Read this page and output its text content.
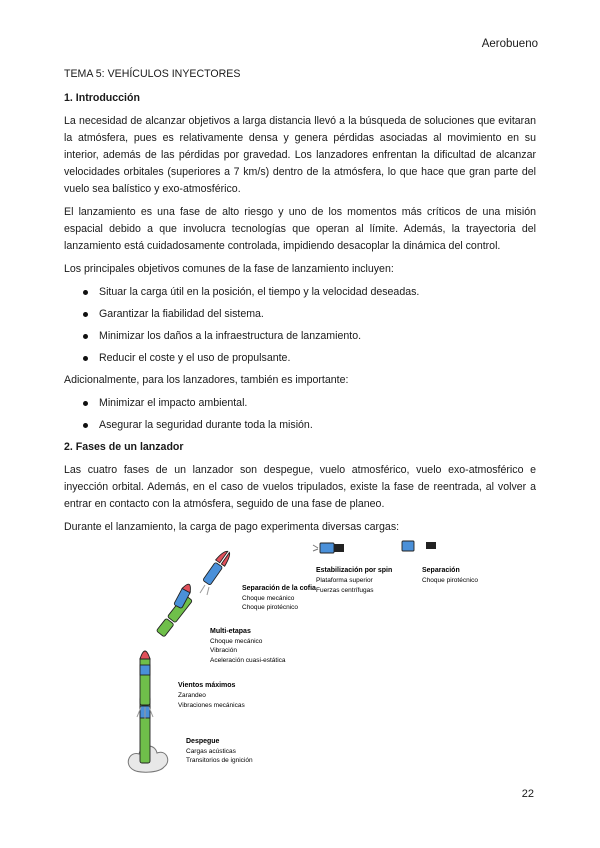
Aerobueno

TEMA 5: VEHÍCULOS INYECTORES

1. Introducción

La necesidad de alcanzar objetivos a larga distancia llevó a la búsqueda de soluciones que evitaran la atmósfera, pues es relativamente densa y genera pérdidas asociadas al movimiento en su interior, además de las pérdidas por gravedad. Los lanzadores enfrentan la dificultad de alcanzar velocidades orbitales (superiores a 7 km/s) dentro de la atmósfera, lo que hace que gran parte del vuelo sea balístico y exo-atmosférico.

El lanzamiento es una fase de alto riesgo y uno de los momentos más críticos de una misión espacial debido a que involucra tecnologías que operan al límite. Además, la trayectoria del lanzamiento está cuidadosamente controlada, impidiendo desacoplar la dinámica del control.

Los principales objetivos comunes de la fase de lanzamiento incluyen:

Situar la carga útil en la posición, el tiempo y la velocidad deseadas.
Garantizar la fiabilidad del sistema.
Minimizar los daños a la infraestructura de lanzamiento.
Reducir el coste y el uso de propulsante.

Adicionalmente, para los lanzadores, también es importante:

Minimizar el impacto ambiental.
Asegurar la seguridad durante toda la misión.

2. Fases de un lanzador

Las cuatro fases de un lanzador son despegue, vuelo atmosférico, vuelo exo-atmosférico e inyección orbital. Además, en el caso de vuelos tripulados, existe la fase de reentrada, al volver a entrar en contacto con la atmósfera, seguido de una fase de planeo.

Durante el lanzamiento, la carga de pago experimenta diversas cargas:

Despegue
Cargas acústicas
Transitorios de ignición
Vientos máximos
Zarandeo
Vibraciones mecánicas
Multi-etapas
Choque mecánico
Vibración
Aceleración cuasi-estática
Separación de la cofia
Choque mecánico
Choque pirotécnico
Estabilización por spin
Plataforma superior
Fuerzas centrífugas
Separación
Choque pirotécnico
22
